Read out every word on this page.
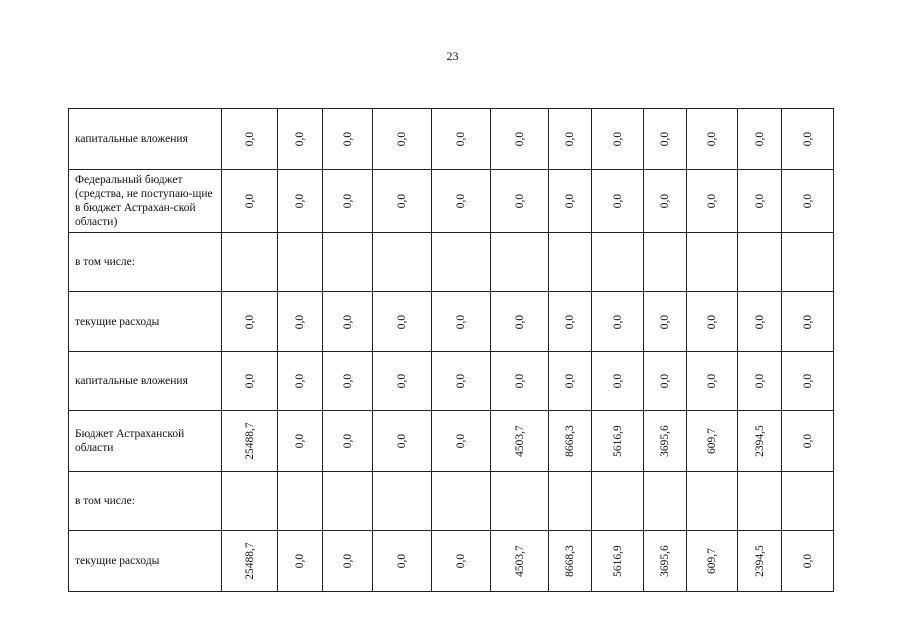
23
капитальные вложения	0,0	0,0	0,0	0,0	0,0	0,0	0,0	0,0	0,0	0,0	0,0	0,0

Федеральный бюджет (средства, не поступаю-щие в бюджет Астрахан-ской области)	0,0	0,0	0,0	0,0	0,0	0,0	0,0	0,0	0,0	0,0	0,0	0,0

в том числе:	

текущие расходы	0,0	0,0	0,0	0,0	0,0	0,0	0,0	0,0	0,0	0,0	0,0	0,0

капитальные вложения	0,0	0,0	0,0	0,0	0,0	0,0	0,0	0,0	0,0	0,0	0,0	0,0

Бюджет Астраханской области	25488,7	0,0	0,0	0,0	0,0	4503,7	8668,3	5616,9	3695,6	609,7	2394,5	0,0

в том числе:	

текущие расходы	25488,7	0,0	0,0	0,0	0,0	4503,7	8668,3	5616,9	3695,6	609,7	2394,5	0,0
